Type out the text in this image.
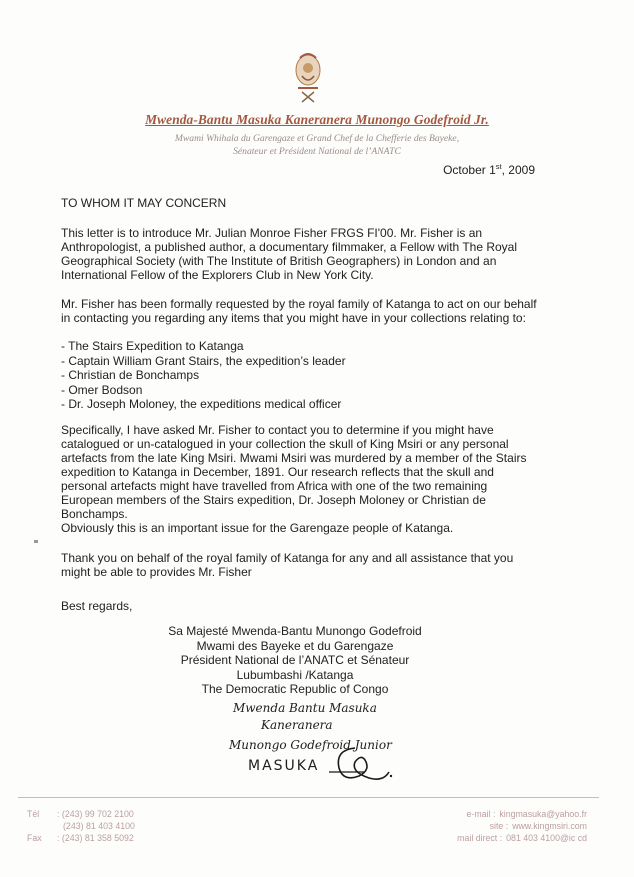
Mwenda-Bantu Masuka Kaneranera Munongo Godefroid Jr.
Mwami Whihala du Garengaze et Grand Chef de la Chefferie des Bayeke,
Sénateur et Président National de l’ANATC
October 1st, 2009
TO WHOM IT MAY CONCERN
This letter is to introduce Mr. Julian Monroe Fisher FRGS FI'00. Mr. Fisher is an Anthropologist, a published author, a documentary filmmaker, a Fellow with The Royal Geographical Society (with The Institute of British Geographers) in London and an International Fellow of the Explorers Club in New York City.
Mr. Fisher has been formally requested by the royal family of Katanga to act on our behalf in contacting you regarding any items that you might have in your collections relating to:
- The Stairs Expedition to Katanga
- Captain William Grant Stairs, the expedition’s leader
- Christian de Bonchamps
- Omer Bodson
- Dr. Joseph Moloney, the expeditions medical officer
Specifically, I have asked Mr. Fisher to contact you to determine if you might have catalogued or un-catalogued in your collection the skull of King Msiri or any personal artefacts from the late King Msiri. Mwami Msiri was murdered by a member of the Stairs expedition to Katanga in December, 1891. Our research reflects that the skull and personal artefacts might have travelled from Africa with one of the two remaining European members of the Stairs expedition, Dr. Joseph Moloney or Christian de Bonchamps.
Obviously this is an important issue for the Garengaze people of Katanga.
Thank you on behalf of the royal family of Katanga for any and all assistance that you might be able to provides Mr. Fisher
Best regards,
Sa Majesté Mwenda-Bantu Munongo Godefroid
Mwami des Bayeke et du Garengaze
Président National de l’ANATC et Sénateur
Lubumbashi /Katanga
The Democratic Republic of Congo
Mwenda Bantu Masuka
Kaneranera
Munongo Godefroid Junior
MASUKA
Tél : (243) 99 702 2100
(243) 81 403 4100
Fax : (243) 81 358 5092
e-mail : kingmasuka@yahoo.fr
site : www.kingmsiri.com
mail direct : 081 403 4100@ic cd
